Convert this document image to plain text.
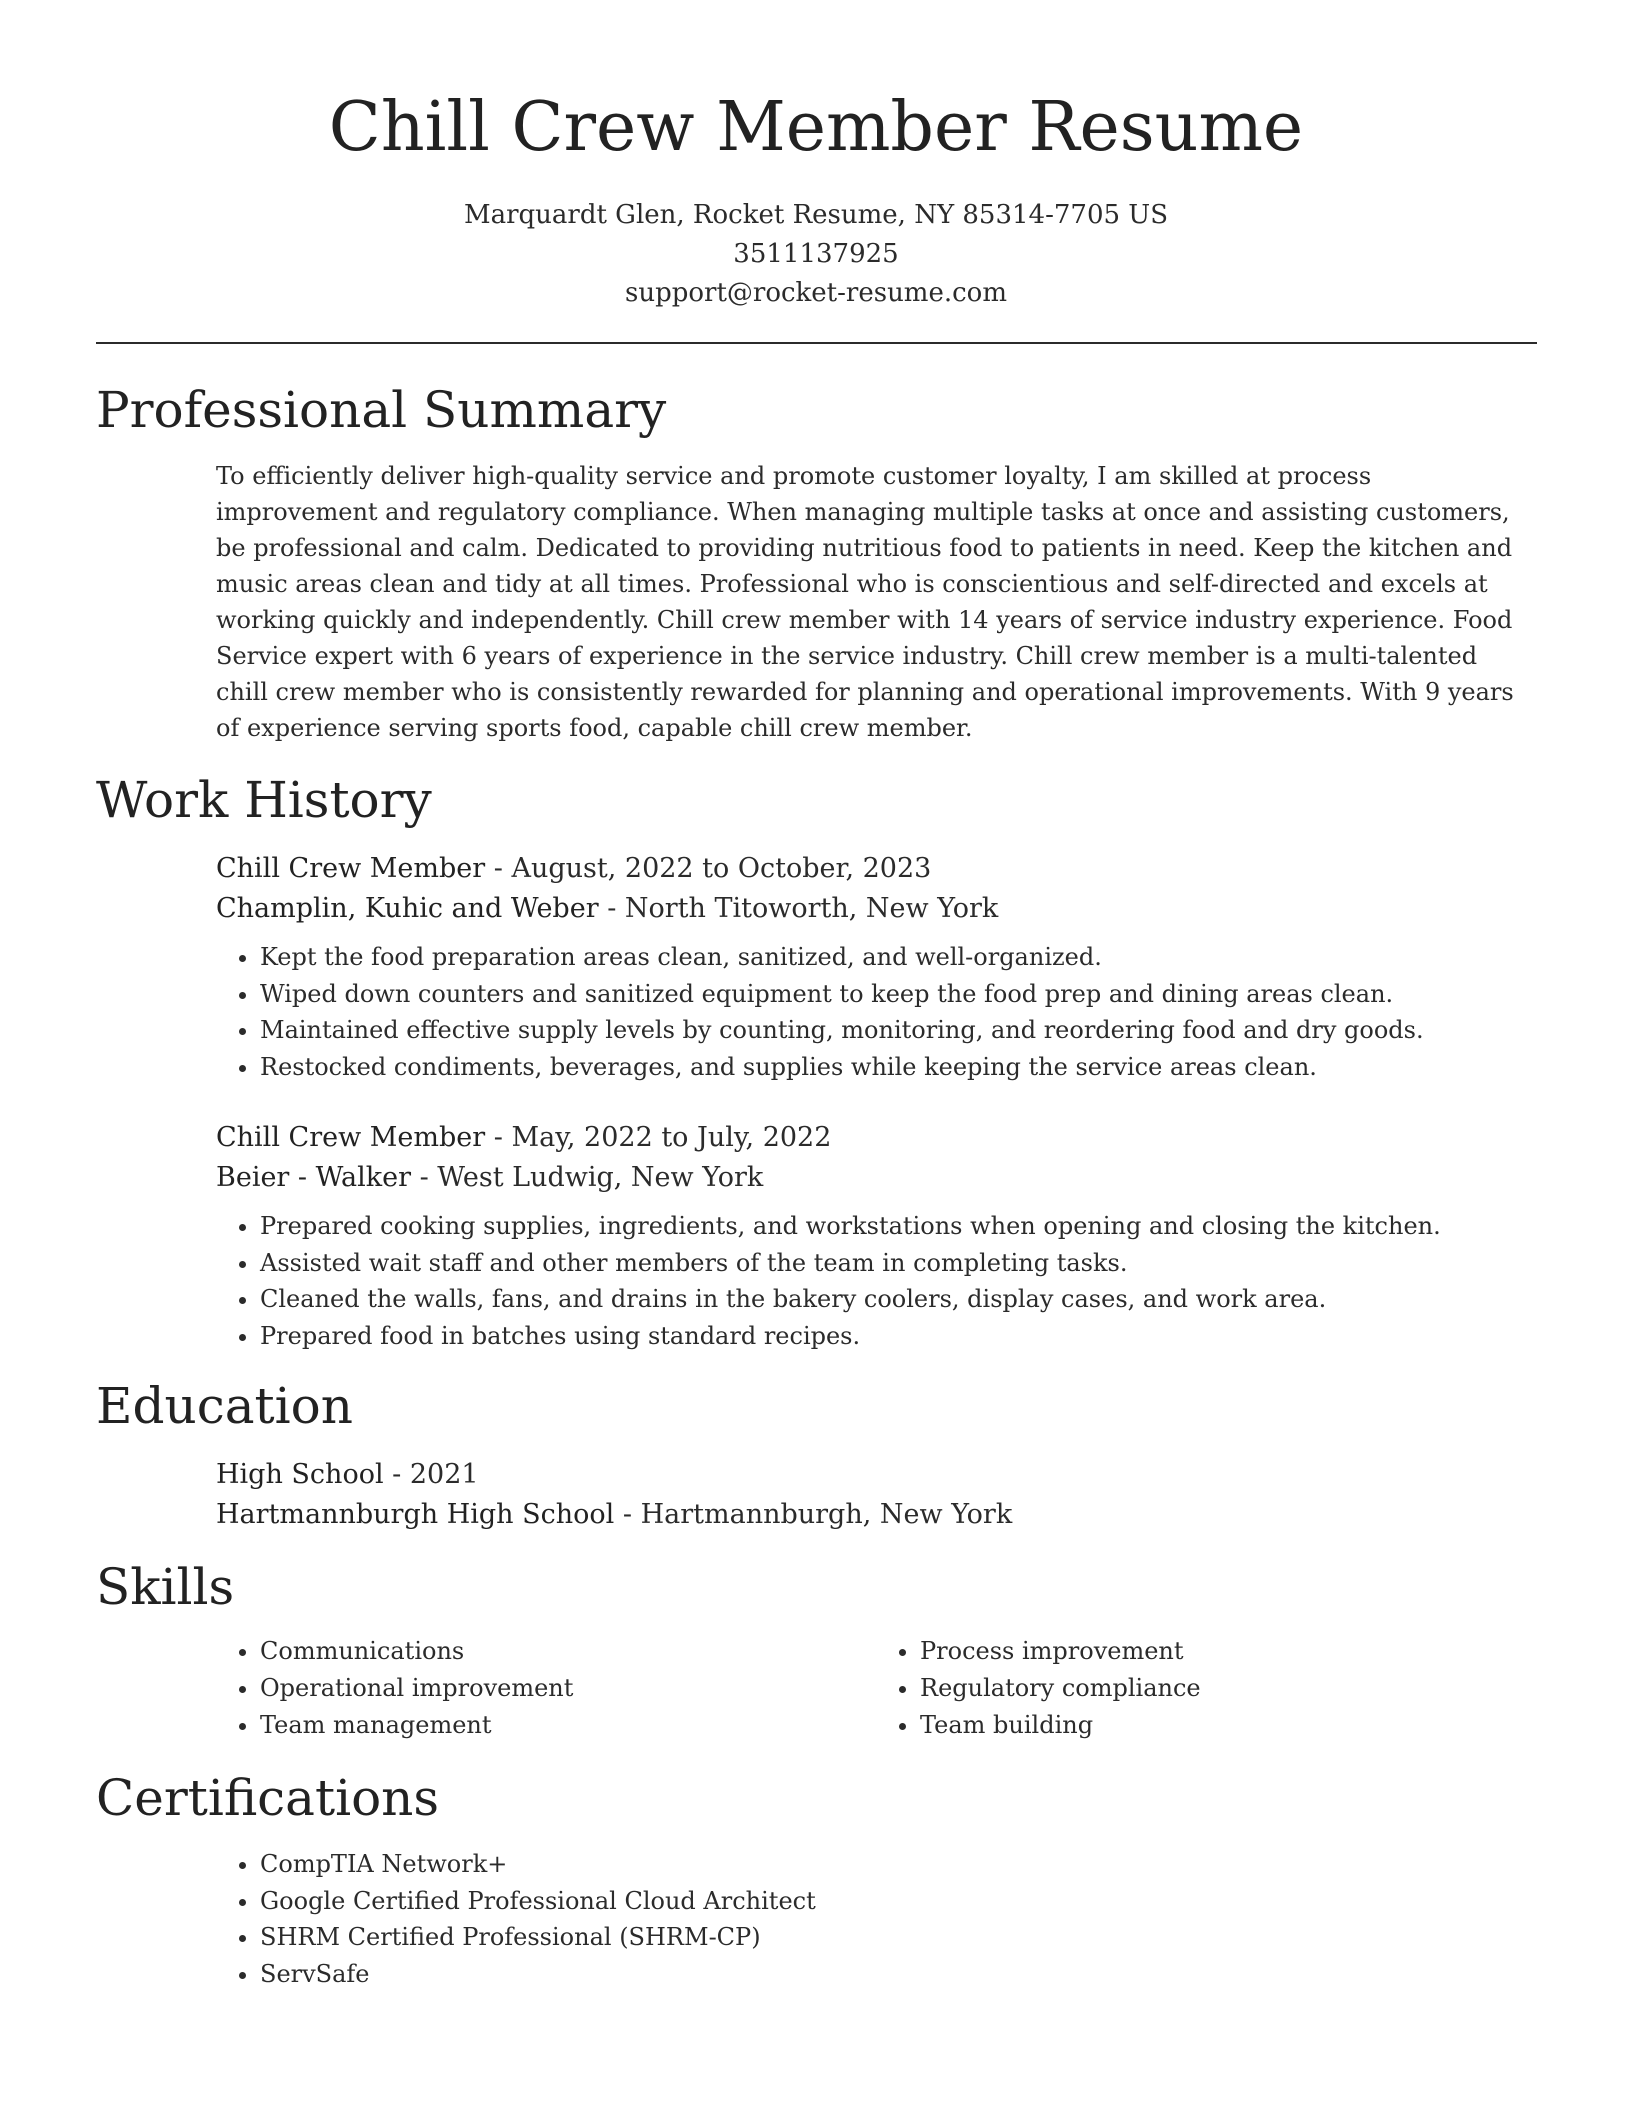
Chill Crew Member Resume
Marquardt Glen, Rocket Resume, NY 85314-7705 US
3511137925
support@rocket-resume.com
Professional Summary

To efficiently deliver high-quality service and promote customer loyalty, I am skilled at process improvement and regulatory compliance. When managing multiple tasks at once and assisting customers, be professional and calm. Dedicated to providing nutritious food to patients in need. Keep the kitchen and music areas clean and tidy at all times. Professional who is conscientious and self-directed and excels at working quickly and independently. Chill crew member with 14 years of service industry experience. Food Service expert with 6 years of experience in the service industry. Chill crew member is a multi-talented chill crew member who is consistently rewarded for planning and operational improvements. With 9 years of experience serving sports food, capable chill crew member.

Work History

Chill Crew Member - August, 2022 to October, 2023

Champlin, Kuhic and Weber - North Titoworth, New York

• Kept the food preparation areas clean, sanitized, and well-organized.
• Wiped down counters and sanitized equipment to keep the food prep and dining areas clean.
• Maintained effective supply levels by counting, monitoring, and reordering food and dry goods.
• Restocked condiments, beverages, and supplies while keeping the service areas clean.

Chill Crew Member - May, 2022 to July, 2022

Beier - Walker - West Ludwig, New York

• Prepared cooking supplies, ingredients, and workstations when opening and closing the kitchen.
• Assisted wait staff and other members of the team in completing tasks.
• Cleaned the walls, fans, and drains in the bakery coolers, display cases, and work area.
• Prepared food in batches using standard recipes.
Education

High School - 2021

Hartmannburgh High School - Hartmannburgh, New York

Skills
• Communications
• Operational improvement
• Team management
• Process improvement
• Regulatory compliance
• Team building
Certifications
• CompTIA Network+
• Google Certified Professional Cloud Architect
• SHRM Certified Professional (SHRM-CP)
• ServSafe
